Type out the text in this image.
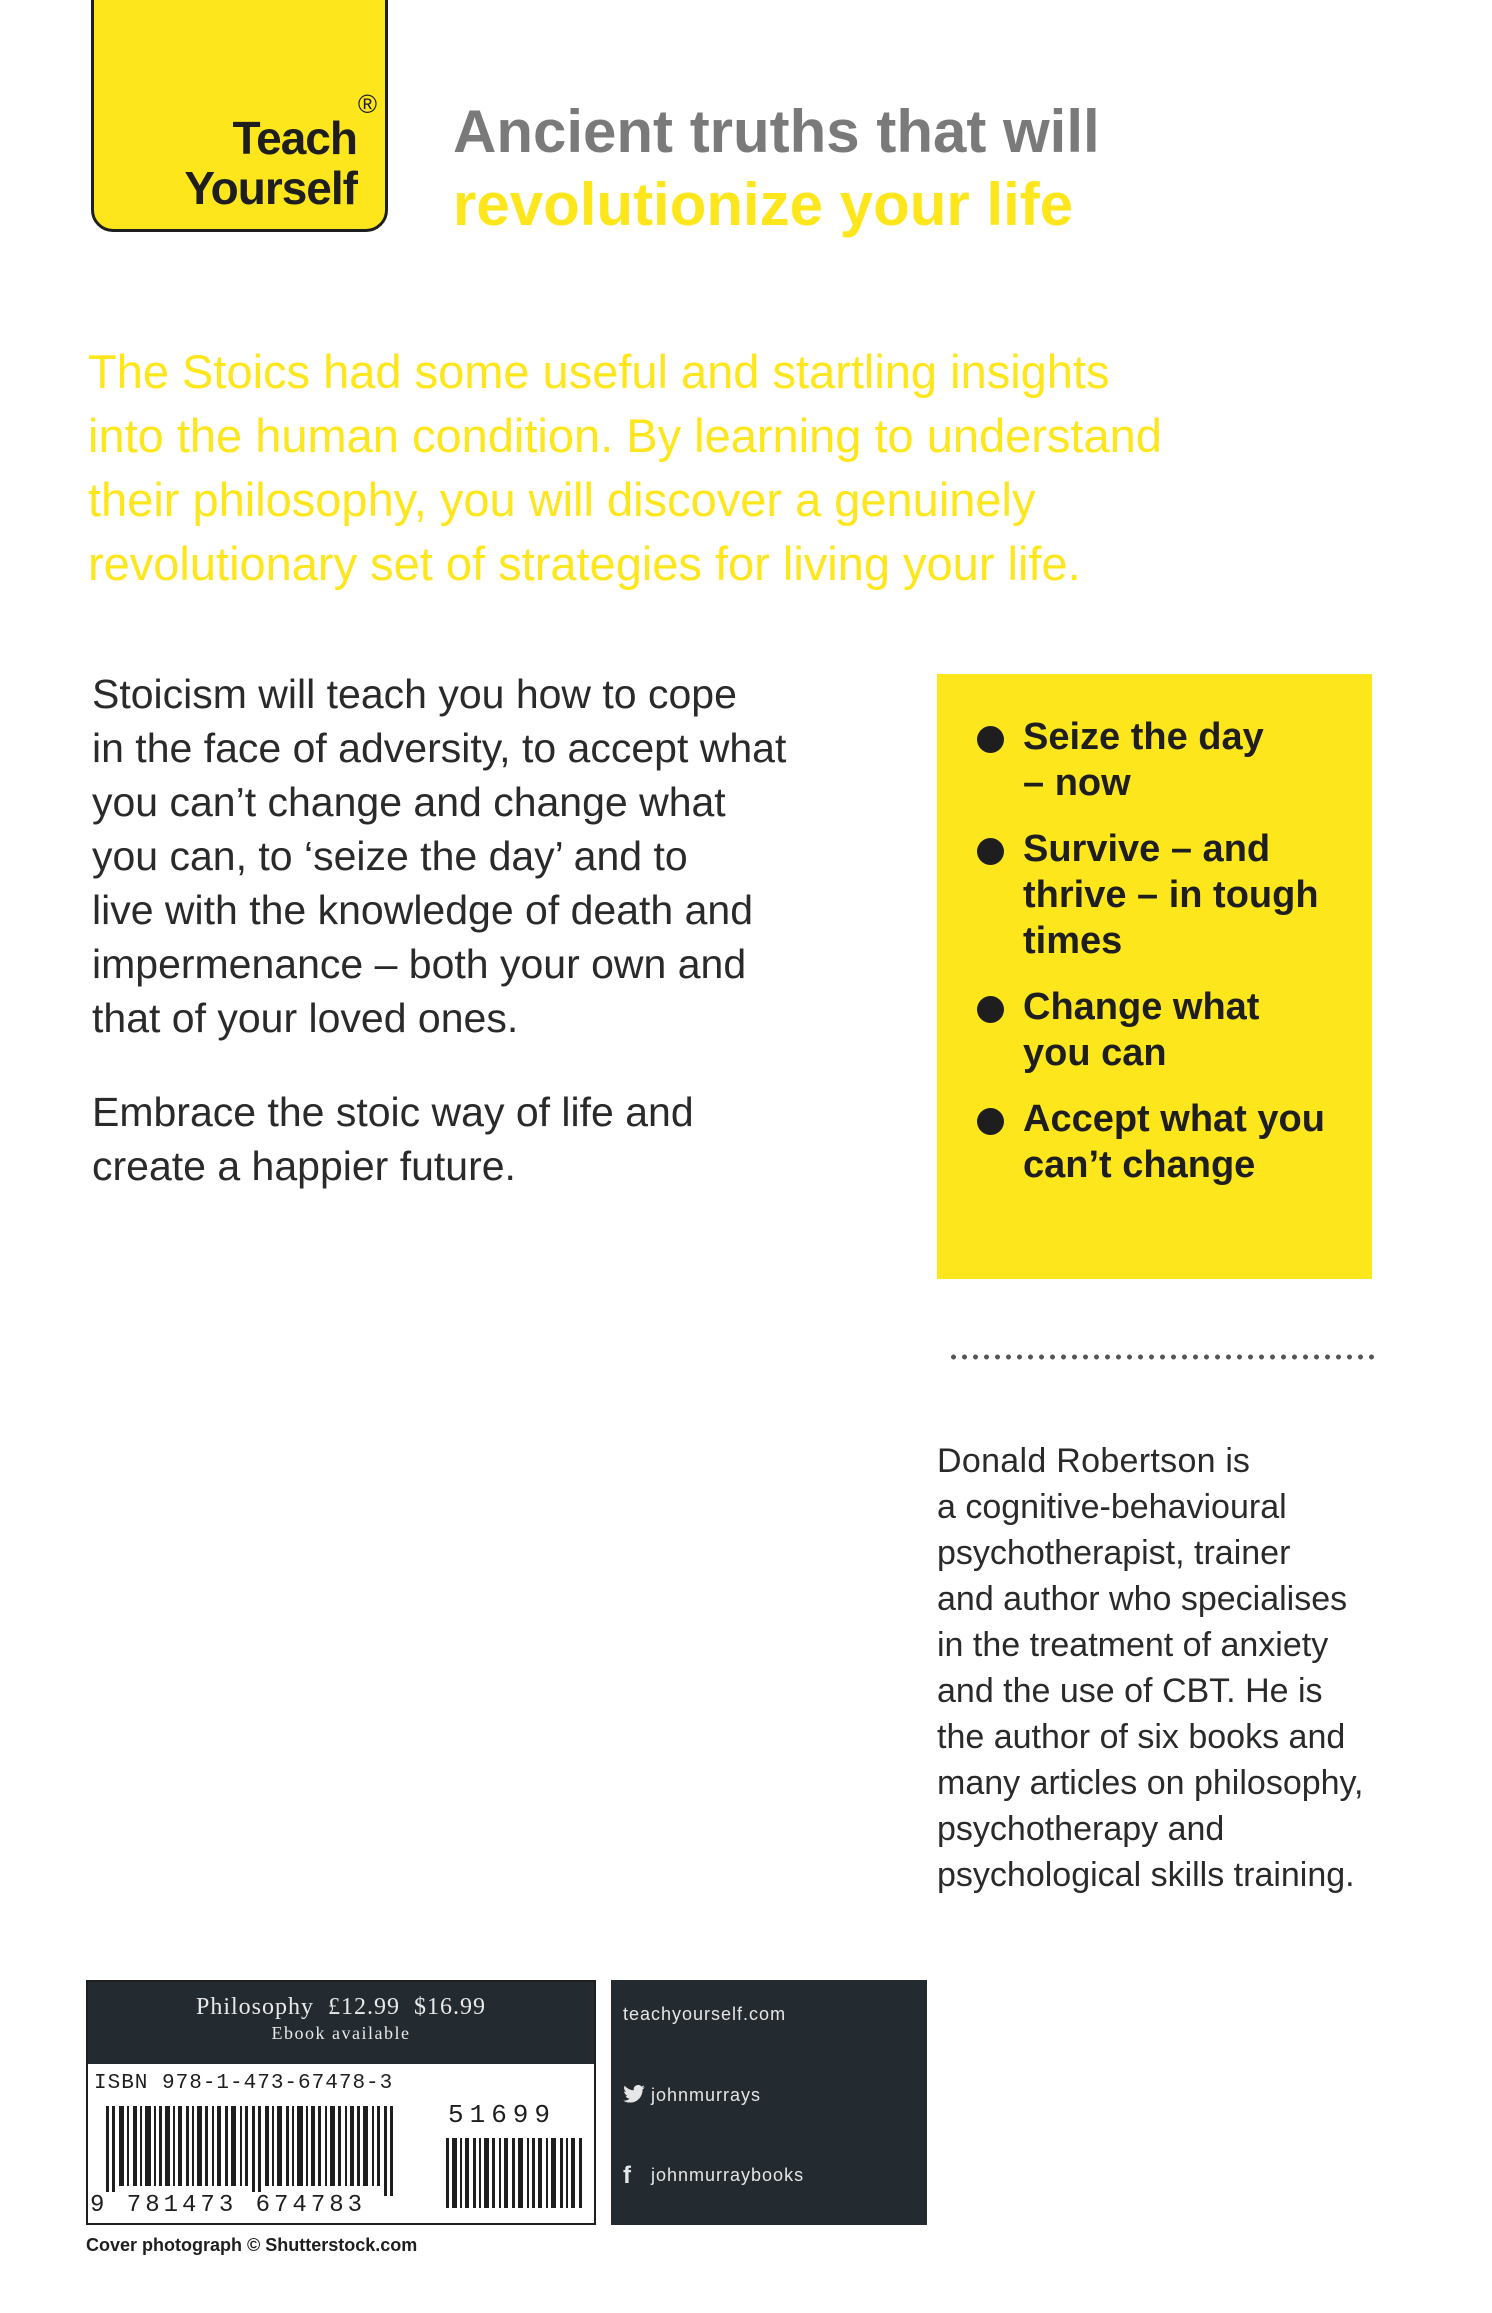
®
Teach
Yourself
Ancient truths that will
revolutionize your life

The Stoics had some useful and startling insights
into the human condition. By learning to understand
their philosophy, you will discover a genuinely
revolutionary set of strategies for living your life.

Stoicism will teach you how to cope
in the face of adversity, to accept what
you can’t change and change what
you can, to ‘seize the day’ and to
live with the knowledge of death and
impermenance – both your own and
that of your loved ones.

Embrace the stoic way of life and
create a happier future.

Seize the day
– now
Survive – and
thrive – in tough
times
Change what
you can
Accept what you
can’t change

Donald Robertson is
a cognitive-behavioural
psychotherapist, trainer
and author who specialises
in the treatment of anxiety
and the use of CBT. He is
the author of six books and
many articles on philosophy,
psychotherapy and
psychological skills training.

Philosophy £12.99 $16.99
Ebook available
ISBN 978-1-473-67478-3
51699
9 781473 674783
teachyourself.com
johnmurrays
f johnmurraybooks
Cover photograph © Shutterstock.com
